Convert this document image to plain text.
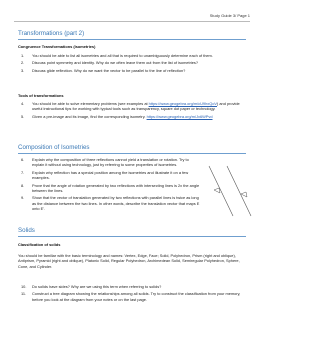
Study Guide 3/ Page 1
Transformations (part 2)
Congruence Transformations (Isometries)
1. You should be able to list all isometries and all that is required to unambiguously determine each of them.
2. Discuss point symmetry and identity. Why do we often leave them out from the list of isometries?
3. Discuss glide reflection. Why do we want the vector to be parallel to the line of reflection?
Tools of transformations
4. You should be able to solve elementary problems (see examples at https://www.geogebra.org/m/cU9hxQoV) and provide useful instructional tips for working with typical tools such as transparency, square dot paper or technology.
5. Given a pre-image and its image, find the corresponding isometry. https://www.geogebra.org/m/Jx6WPvd
Composition of Isometries
6. Explain why the composition of three reflections cannot yield a translation or rotation. Try to explain it without using technology, just by referring to some properties of isometries.
7. Explain why reflection has a special position among the isometries and illustrate it on a few examples.
8. Prove that the angle of rotation generated by two reflections with intersecting lines is 2x the angle between the lines.
9. Show that the vector of translation generated by two reflections with parallel lines is twice as long as the distance between the two lines. In other words, describe the translation vector that maps E onto E'.
Solids
Classification of solids

You should be familiar with the basic terminology and names: Vertex, Edge, Face; Solid, Polyhedron, Prism (right and oblique), Antiprism, Pyramid (right and oblique), Platonic Solid, Regular Polyhedron, Archimedean Solid, Semiregular Polyhedron, Sphere, Cone, and Cylinder.

10. Do solids have sides? Why are we using this term when referring to solids?
11. Construct a tree diagram showing the relationships among all solids. Try to construct the classification from your memory, before you look at the diagram from your notes or on the last page.
